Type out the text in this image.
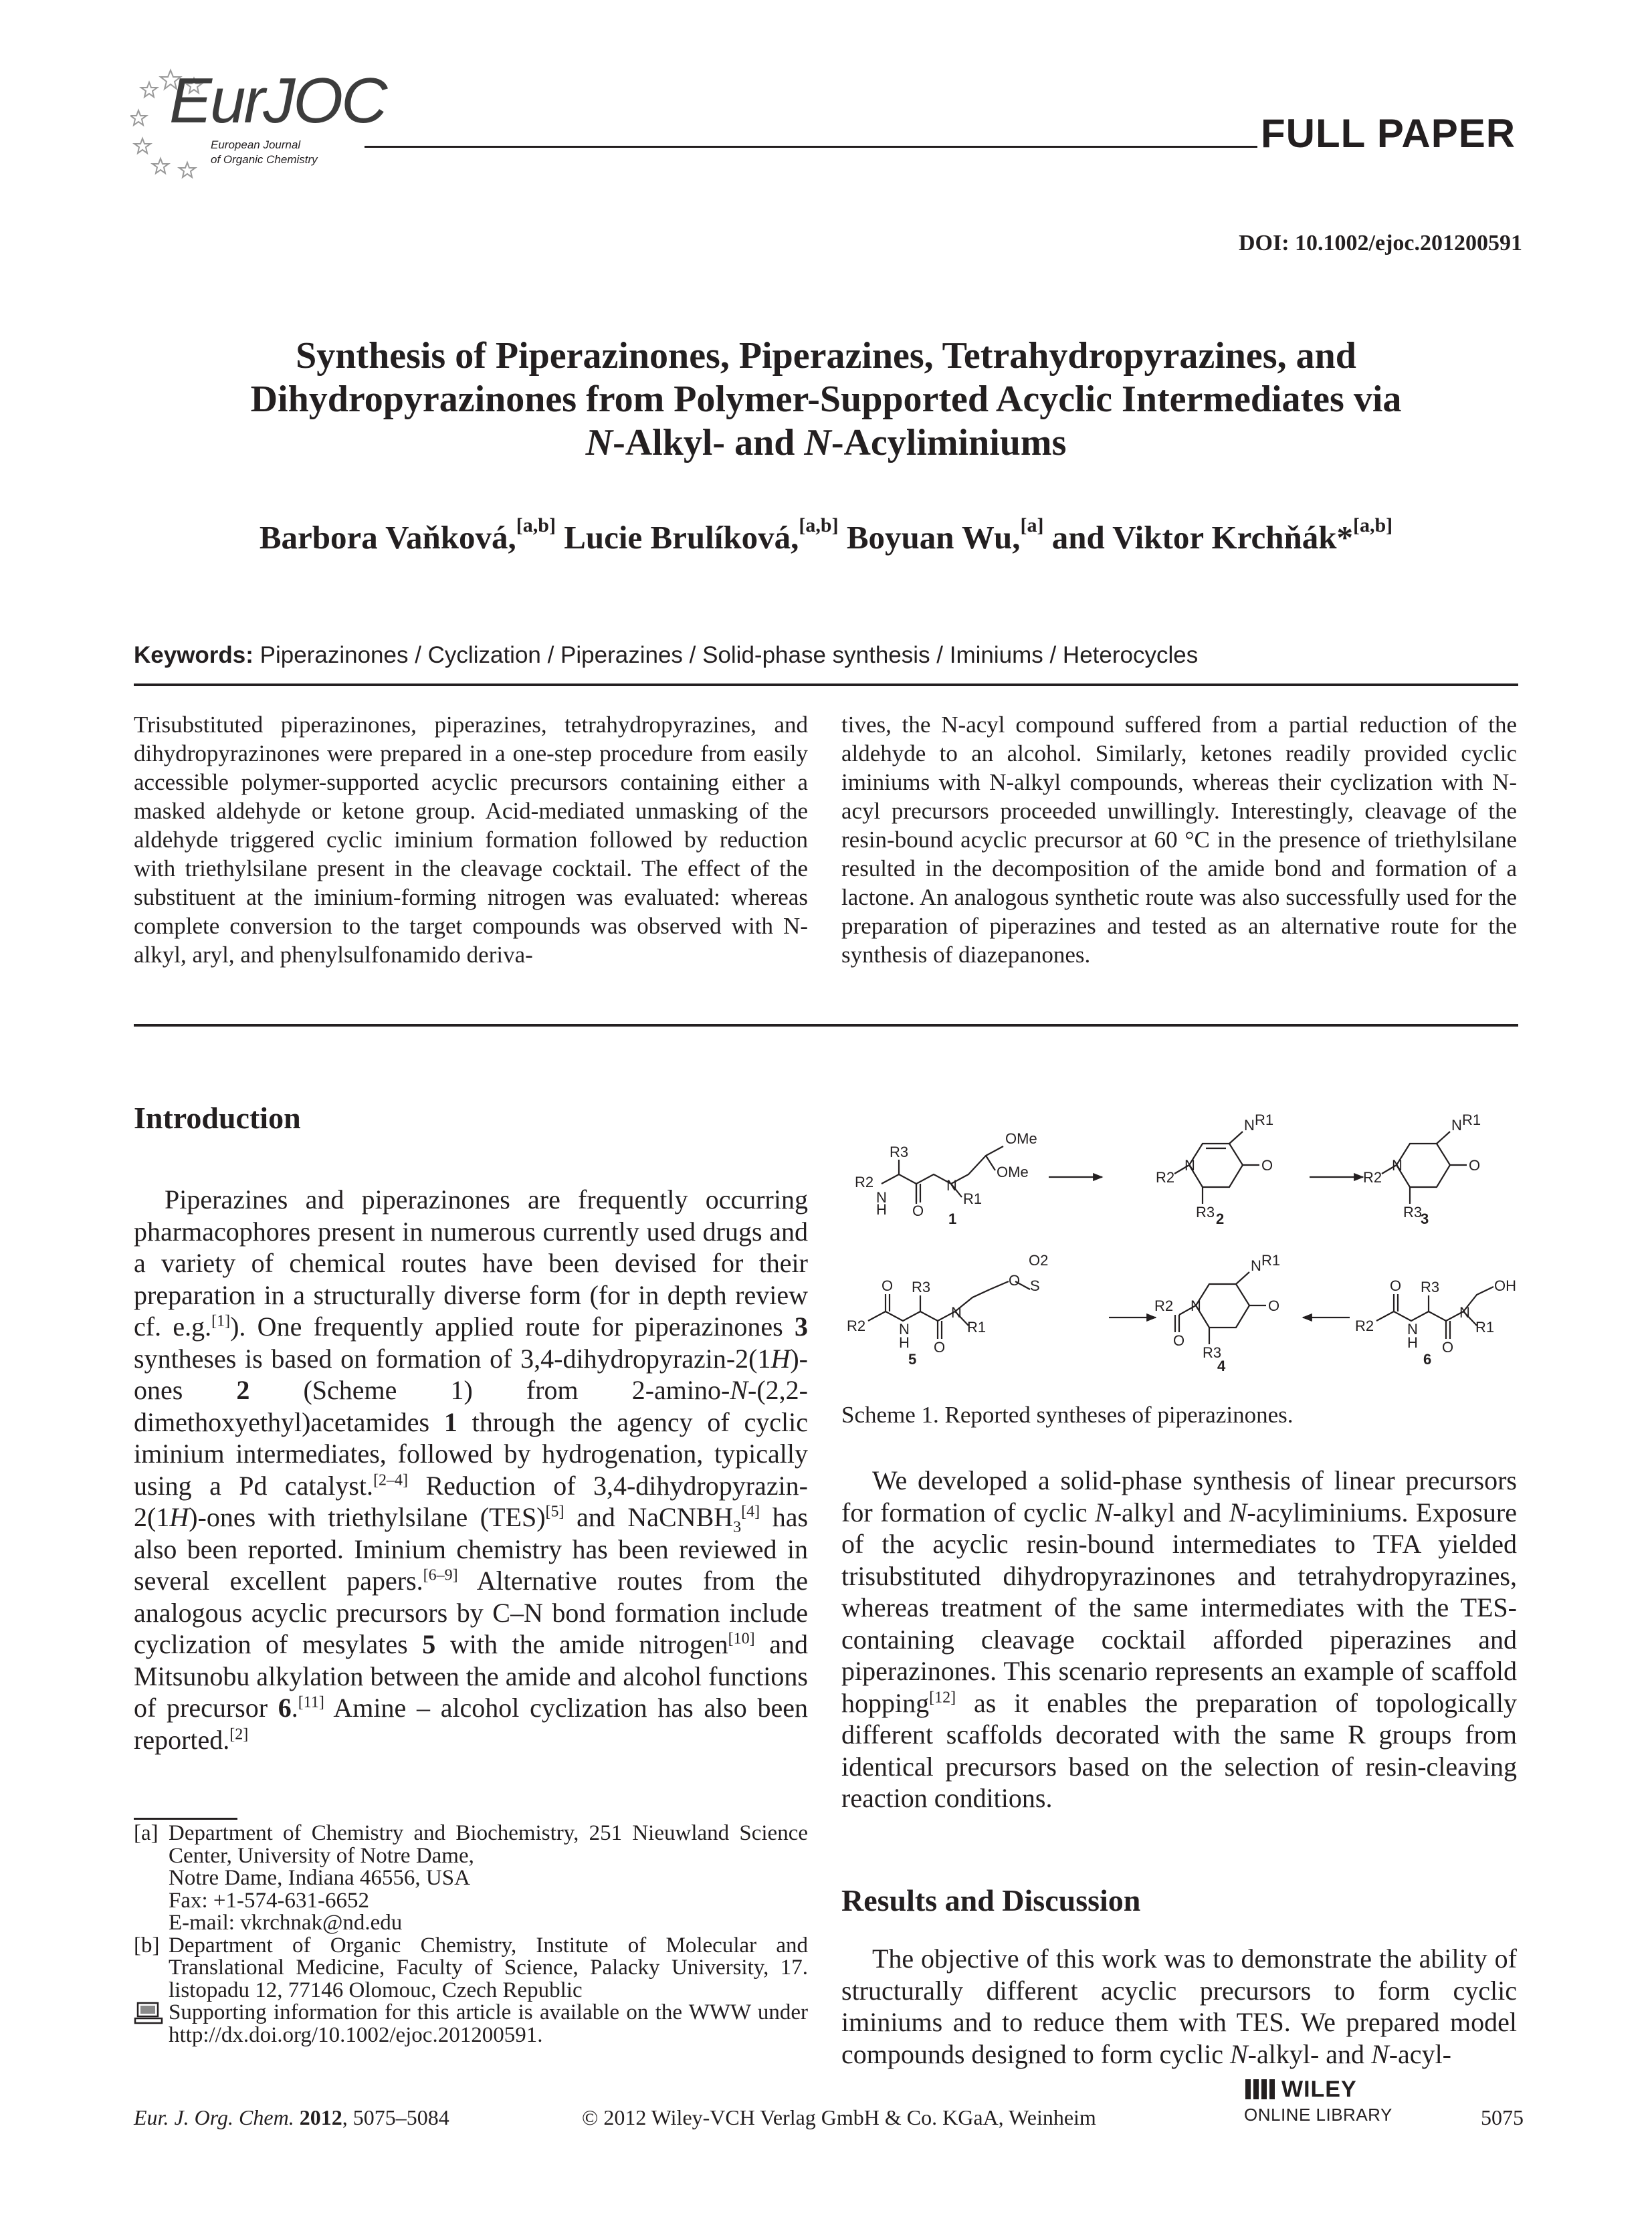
EurJOC
European Journal
of Organic Chemistry
FULL PAPER
DOI: 10.1002/ejoc.201200591
Synthesis of Piperazinones, Piperazines, Tetrahydropyrazines, and
Dihydropyrazinones from Polymer-Supported Acyclic Intermediates via
N-Alkyl- and N-Acyliminiums
Barbora Vaňková,[a,b] Lucie Brulíková,[a,b] Boyuan Wu,[a] and Viktor Krchňák*[a,b]
Keywords: Piperazinones / Cyclization / Piperazines / Solid-phase synthesis / Iminiums / Heterocycles

Trisubstituted piperazinones, piperazines, tetrahydropyrazines, and dihydropyrazinones were prepared in a one-step procedure from easily accessible polymer-supported acyclic precursors containing either a masked aldehyde or ketone group. Acid-mediated unmasking of the aldehyde triggered cyclic iminium formation followed by reduction with triethylsilane present in the cleavage cocktail. The effect of the substituent at the iminium-forming nitrogen was evaluated: whereas complete conversion to the target compounds was observed with N-alkyl, aryl, and phenylsulfonamido deriva-

tives, the N-acyl compound suffered from a partial reduction of the aldehyde to an alcohol. Similarly, ketones readily provided cyclic iminiums with N-alkyl compounds, whereas their cyclization with N-acyl precursors proceeded unwillingly. Interestingly, cleavage of the resin-bound acyclic precursor at 60 °C in the presence of triethylsilane resulted in the decomposition of the amide bond and formation of a lactone. An analogous synthetic route was also successfully used for the preparation of piperazines and tested as an alternative route for the synthesis of diazepanones.

Introduction

Piperazines and piperazinones are frequently occurring pharmacophores present in numerous currently used drugs and a variety of chemical routes have been devised for their preparation in a structurally diverse form (for in depth review cf. e.g.[1]). One frequently applied route for piperazinones 3 syntheses is based on formation of 3,4-dihydropyrazin-2(1H)-ones 2 (Scheme 1) from 2-amino-N-(2,2-dimethoxyethyl)acetamides 1 through the agency of cyclic iminium intermediates, followed by hydrogenation, typically using a Pd catalyst.[2–4] Reduction of 3,4-dihydropyrazin-2(1H)-ones with triethylsilane (TES)[5] and NaCNBH$_3$[4] has also been reported. Iminium chemistry has been reviewed in several excellent papers.[6–9] Alternative routes from the analogous acyclic precursors by C–N bond formation include cyclization of mesylates 5 with the amide nitrogen[10] and Mitsunobu alkylation between the amide and alcohol functions of precursor 6.[11] Amine – alcohol cyclization has also been reported.[2]

OMe
OMe
R3
R2
N
H O
N
R1
1
N R1
O
N
R2
R3 2
N R1
O
N
R2
R3
3
O
R2 N
H
R3
O
N
R1
O S
O2
5
N R1
O
N
R2
O
R3
4
O
R2 N
H
R3
O
N
R1
OH
6
Scheme 1. Reported syntheses of piperazinones.

We developed a solid-phase synthesis of linear precursors for formation of cyclic N-alkyl and N-acyliminiums. Exposure of the acyclic resin-bound intermediates to TFA yielded trisubstituted dihydropyrazinones and tetrahydropyrazines, whereas treatment of the same intermediates with the TES-containing cleavage cocktail afforded piperazines and piperazinones. This scenario represents an example of scaffold hopping[12] as it enables the preparation of topologically different scaffolds decorated with the same R groups from identical precursors based on the selection of resin-cleaving reaction conditions.

Results and Discussion

The objective of this work was to demonstrate the ability of structurally different acyclic precursors to form cyclic iminiums and to reduce them with TES. We prepared model compounds designed to form cyclic N-alkyl- and N-acyl-

[a] Department of Chemistry and Biochemistry, 251 Nieuwland Science Center, University of Notre Dame,
Notre Dame, Indiana 46556, USA
Fax: +1-574-631-6652
E-mail: vkrchnak@nd.edu
[b] Department of Organic Chemistry, Institute of Molecular and Translational Medicine, Faculty of Science, Palacky University, 17. listopadu 12, 77146 Olomouc, Czech Republic
Supporting information for this article is available on the WWW under http://dx.doi.org/10.1002/ejoc.201200591.
Eur. J. Org. Chem. 2012, 5075–5084	© 2012 Wiley-VCH Verlag GmbH & Co. KGaA, Weinheim
WILEY
ONLINE LIBRARY	5075
